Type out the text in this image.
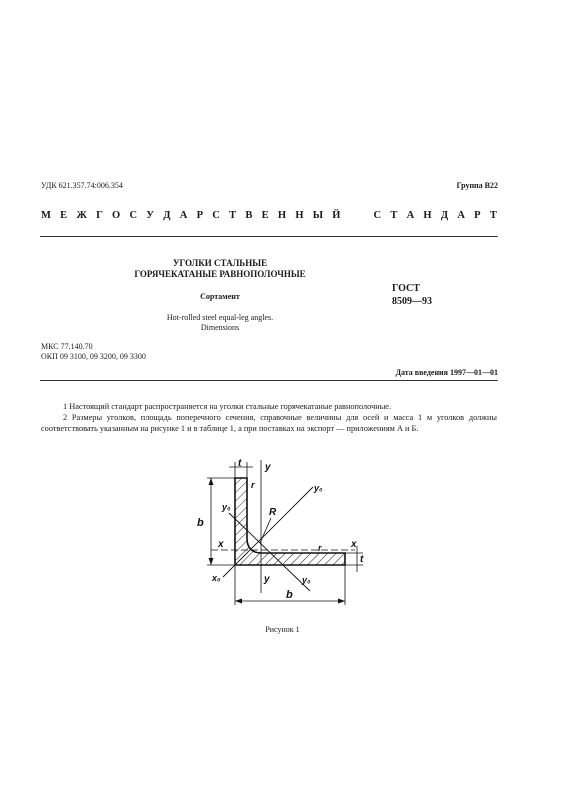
УДК 621.357.74:006.354	Группа В22
М Е Ж Г О С У Д А Р С Т В Е Н Н Ы Й

	С Т А Н Д А Р Т
УГОЛКИ СТАЛЬНЫЕ
ГОРЯЧЕКАТАНЫЕ РАВНОПОЛОЧНЫЕ
Сортамент
Hot-rolled steel equal-leg angles.
Dimensions
ГОСТ
8509—93
МКС 77.140.70
ОКП 09 3100, 09 3200, 09 3300
Дата введения 1997—01—01
1 Настоящий стандарт распространяется на уголки стальные горячекатаные равнополочные.
2 Размеры уголков, площадь поперечного сечения, справочные величины для осей и масса 1 м уголков должны соответствовать указанным на рисунке 1 и в таблице 1, а при поставках на экспорт — приложениям А и Б.
t y
r	y₀
y₀	R
b
x	x
r
t
x₀	y	y₀
b
Рисунок 1
